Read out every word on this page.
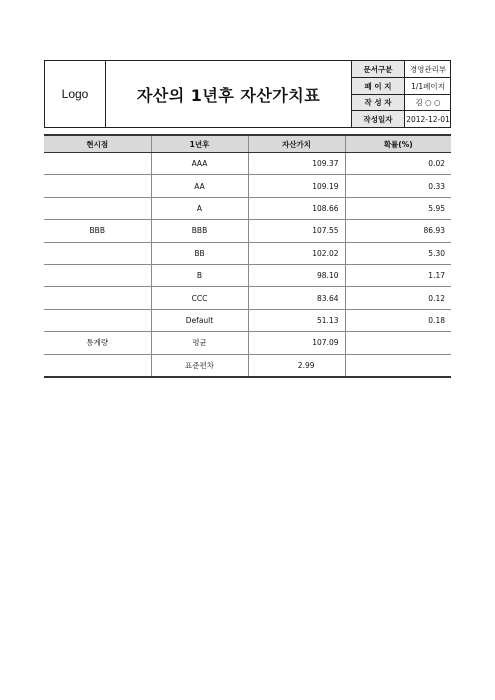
Logo	자산의 1년후 자산가치표
문서구분	경영관리부
페 이 지	1/1페이지
작 성 자	김 ○ ○
작성일자	2012-12-01
현시점	1년후	자산가치	확률(%)
	AAA	109.37	0.02
	AA	109.19	0.33
	A	108.66	5.95
BBB	BBB	107.55	86.93
	BB	102.02	5.30
	B	98.10	1.17
	CCC	83.64	0.12
	Default	51.13	0.18
통계량	평균	107.09	
	표준편차	2.99	
